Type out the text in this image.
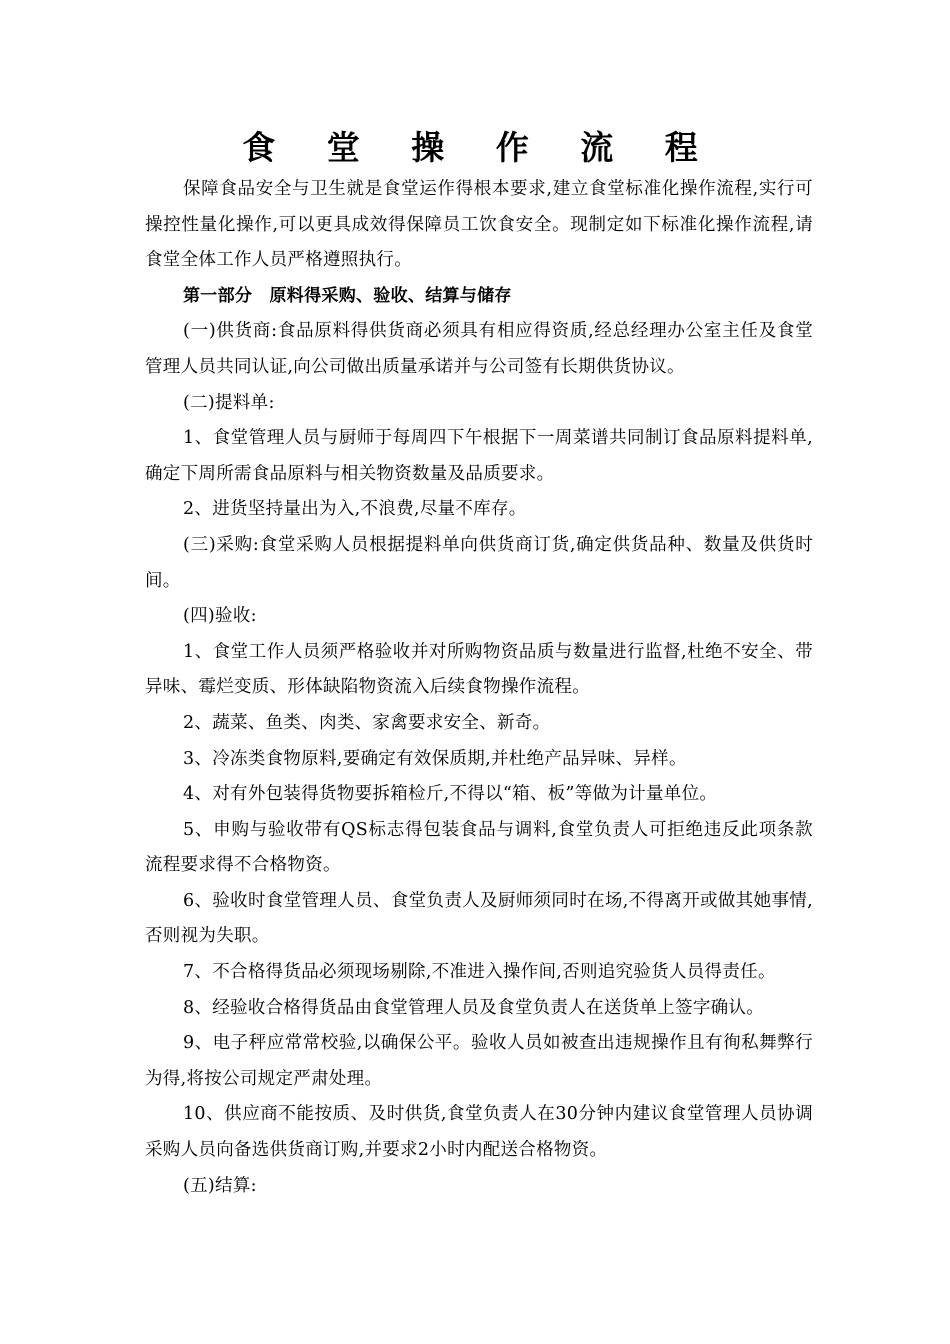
食 堂 操 作 流 程

保障食品安全与卫生就是食堂运作得根本要求,建立食堂标准化操作流程,实行可操控性量化操作,可以更具成效得保障员工饮食安全。现制定如下标准化操作流程,请食堂全体工作人员严格遵照执行。

第一部分　原料得采购、验收、结算与储存

(一)供货商:食品原料得供货商必须具有相应得资质,经总经理办公室主任及食堂管理人员共同认证,向公司做出质量承诺并与公司签有长期供货协议。

(二)提料单:

1、食堂管理人员与厨师于每周四下午根据下一周菜谱共同制订食品原料提料单,确定下周所需食品原料与相关物资数量及品质要求。

2、进货坚持量出为入,不浪费,尽量不库存。

(三)采购:食堂采购人员根据提料单向供货商订货,确定供货品种、数量及供货时间。

(四)验收:

1、食堂工作人员须严格验收并对所购物资品质与数量进行监督,杜绝不安全、带异味、霉烂变质、形体缺陷物资流入后续食物操作流程。

2、蔬菜、鱼类、肉类、家禽要求安全、新奇。

3、冷冻类食物原料,要确定有效保质期,并杜绝产品异味、异样。

4、对有外包装得货物要拆箱检斤,不得以“箱、板”等做为计量单位。

5、申购与验收带有QS标志得包装食品与调料,食堂负责人可拒绝违反此项条款流程要求得不合格物资。

6、验收时食堂管理人员、食堂负责人及厨师须同时在场,不得离开或做其她事情,否则视为失职。

7、不合格得货品必须现场剔除,不准进入操作间,否则追究验货人员得责任。

8、经验收合格得货品由食堂管理人员及食堂负责人在送货单上签字确认。

9、电子秤应常常校验,以确保公平。验收人员如被查出违规操作且有徇私舞弊行为得,将按公司规定严肃处理。

10、供应商不能按质、及时供货,食堂负责人在30分钟内建议食堂管理人员协调采购人员向备选供货商订购,并要求2小时内配送合格物资。

(五)结算:
